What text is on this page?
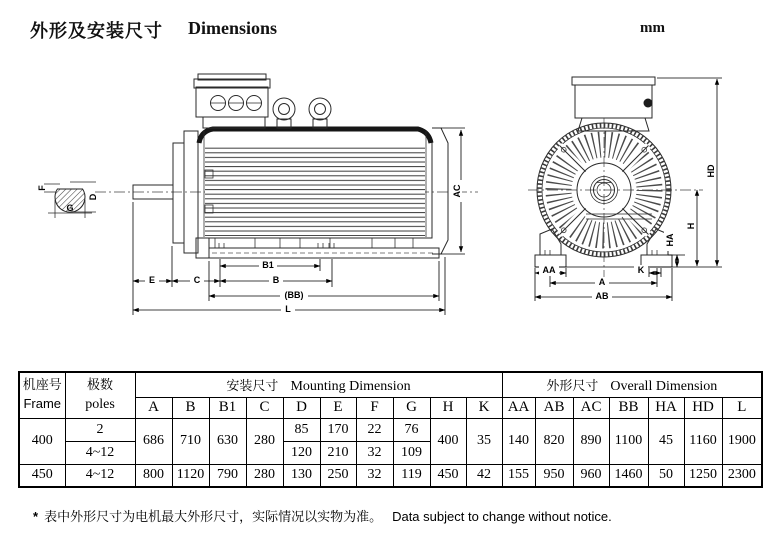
F
D
G
E	C	B
B1
(BB)
L
AC
AA	K
A
AB
HA
H
HD
外形及安装尺寸 Dimensions	mm
机座号
Frame	极数
poles	安装尺寸 Mounting Dimension										外形尺寸 Overall Dimension						
		A	B	B1	C	D	E	F	G	H	K	AA	AB	AC	BB	HA	HD	L
400	2	686	710	630	280	85	170	22	76	400	35	140	820	890	1100	45	1160	1900
	4~12					120	210	32	109									
450	4~12	800	1120	790	280	130	250	32	119	450	42	155	950	960	1460	50	1250	2300
* 表中外形尺寸为电机最大外形尺寸，实际情况以实物为准。 Data subject to change without notice.
